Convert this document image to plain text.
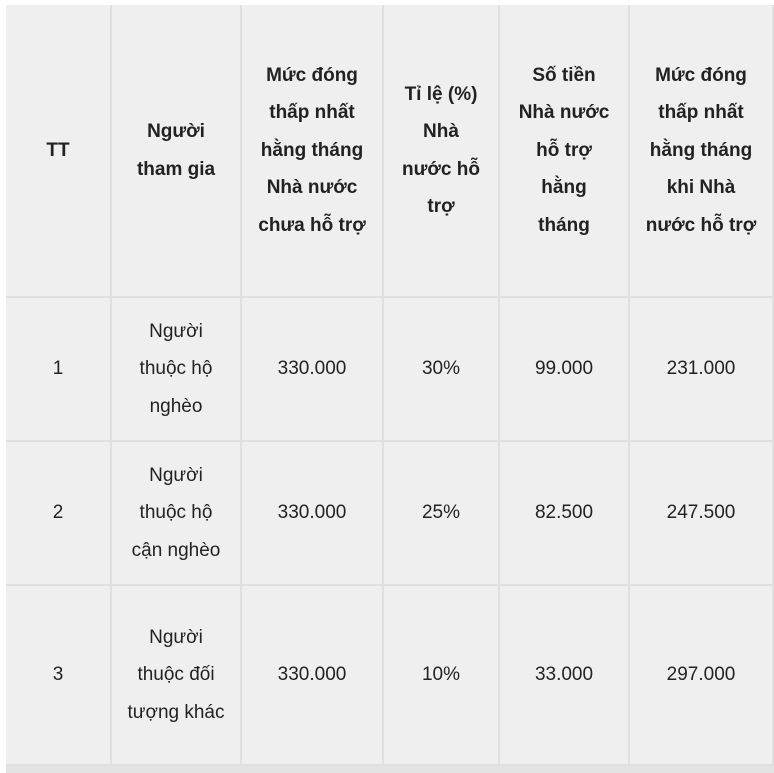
TT	Người tham gia	Mức đóng thấp nhất hằng tháng Nhà nước chưa hỗ trợ	Tỉ lệ (%) Nhà nước hỗ trợ	Số tiền Nhà nước hỗ trợ hằng tháng	Mức đóng thấp nhất hằng tháng khi Nhà nước hỗ trợ
1	Người thuộc hộ nghèo	330.000	30%	99.000	231.000
2	Người thuộc hộ cận nghèo	330.000	25%	82.500	247.500
3	Người thuộc đối tượng khác	330.000	10%	33.000	297.000
